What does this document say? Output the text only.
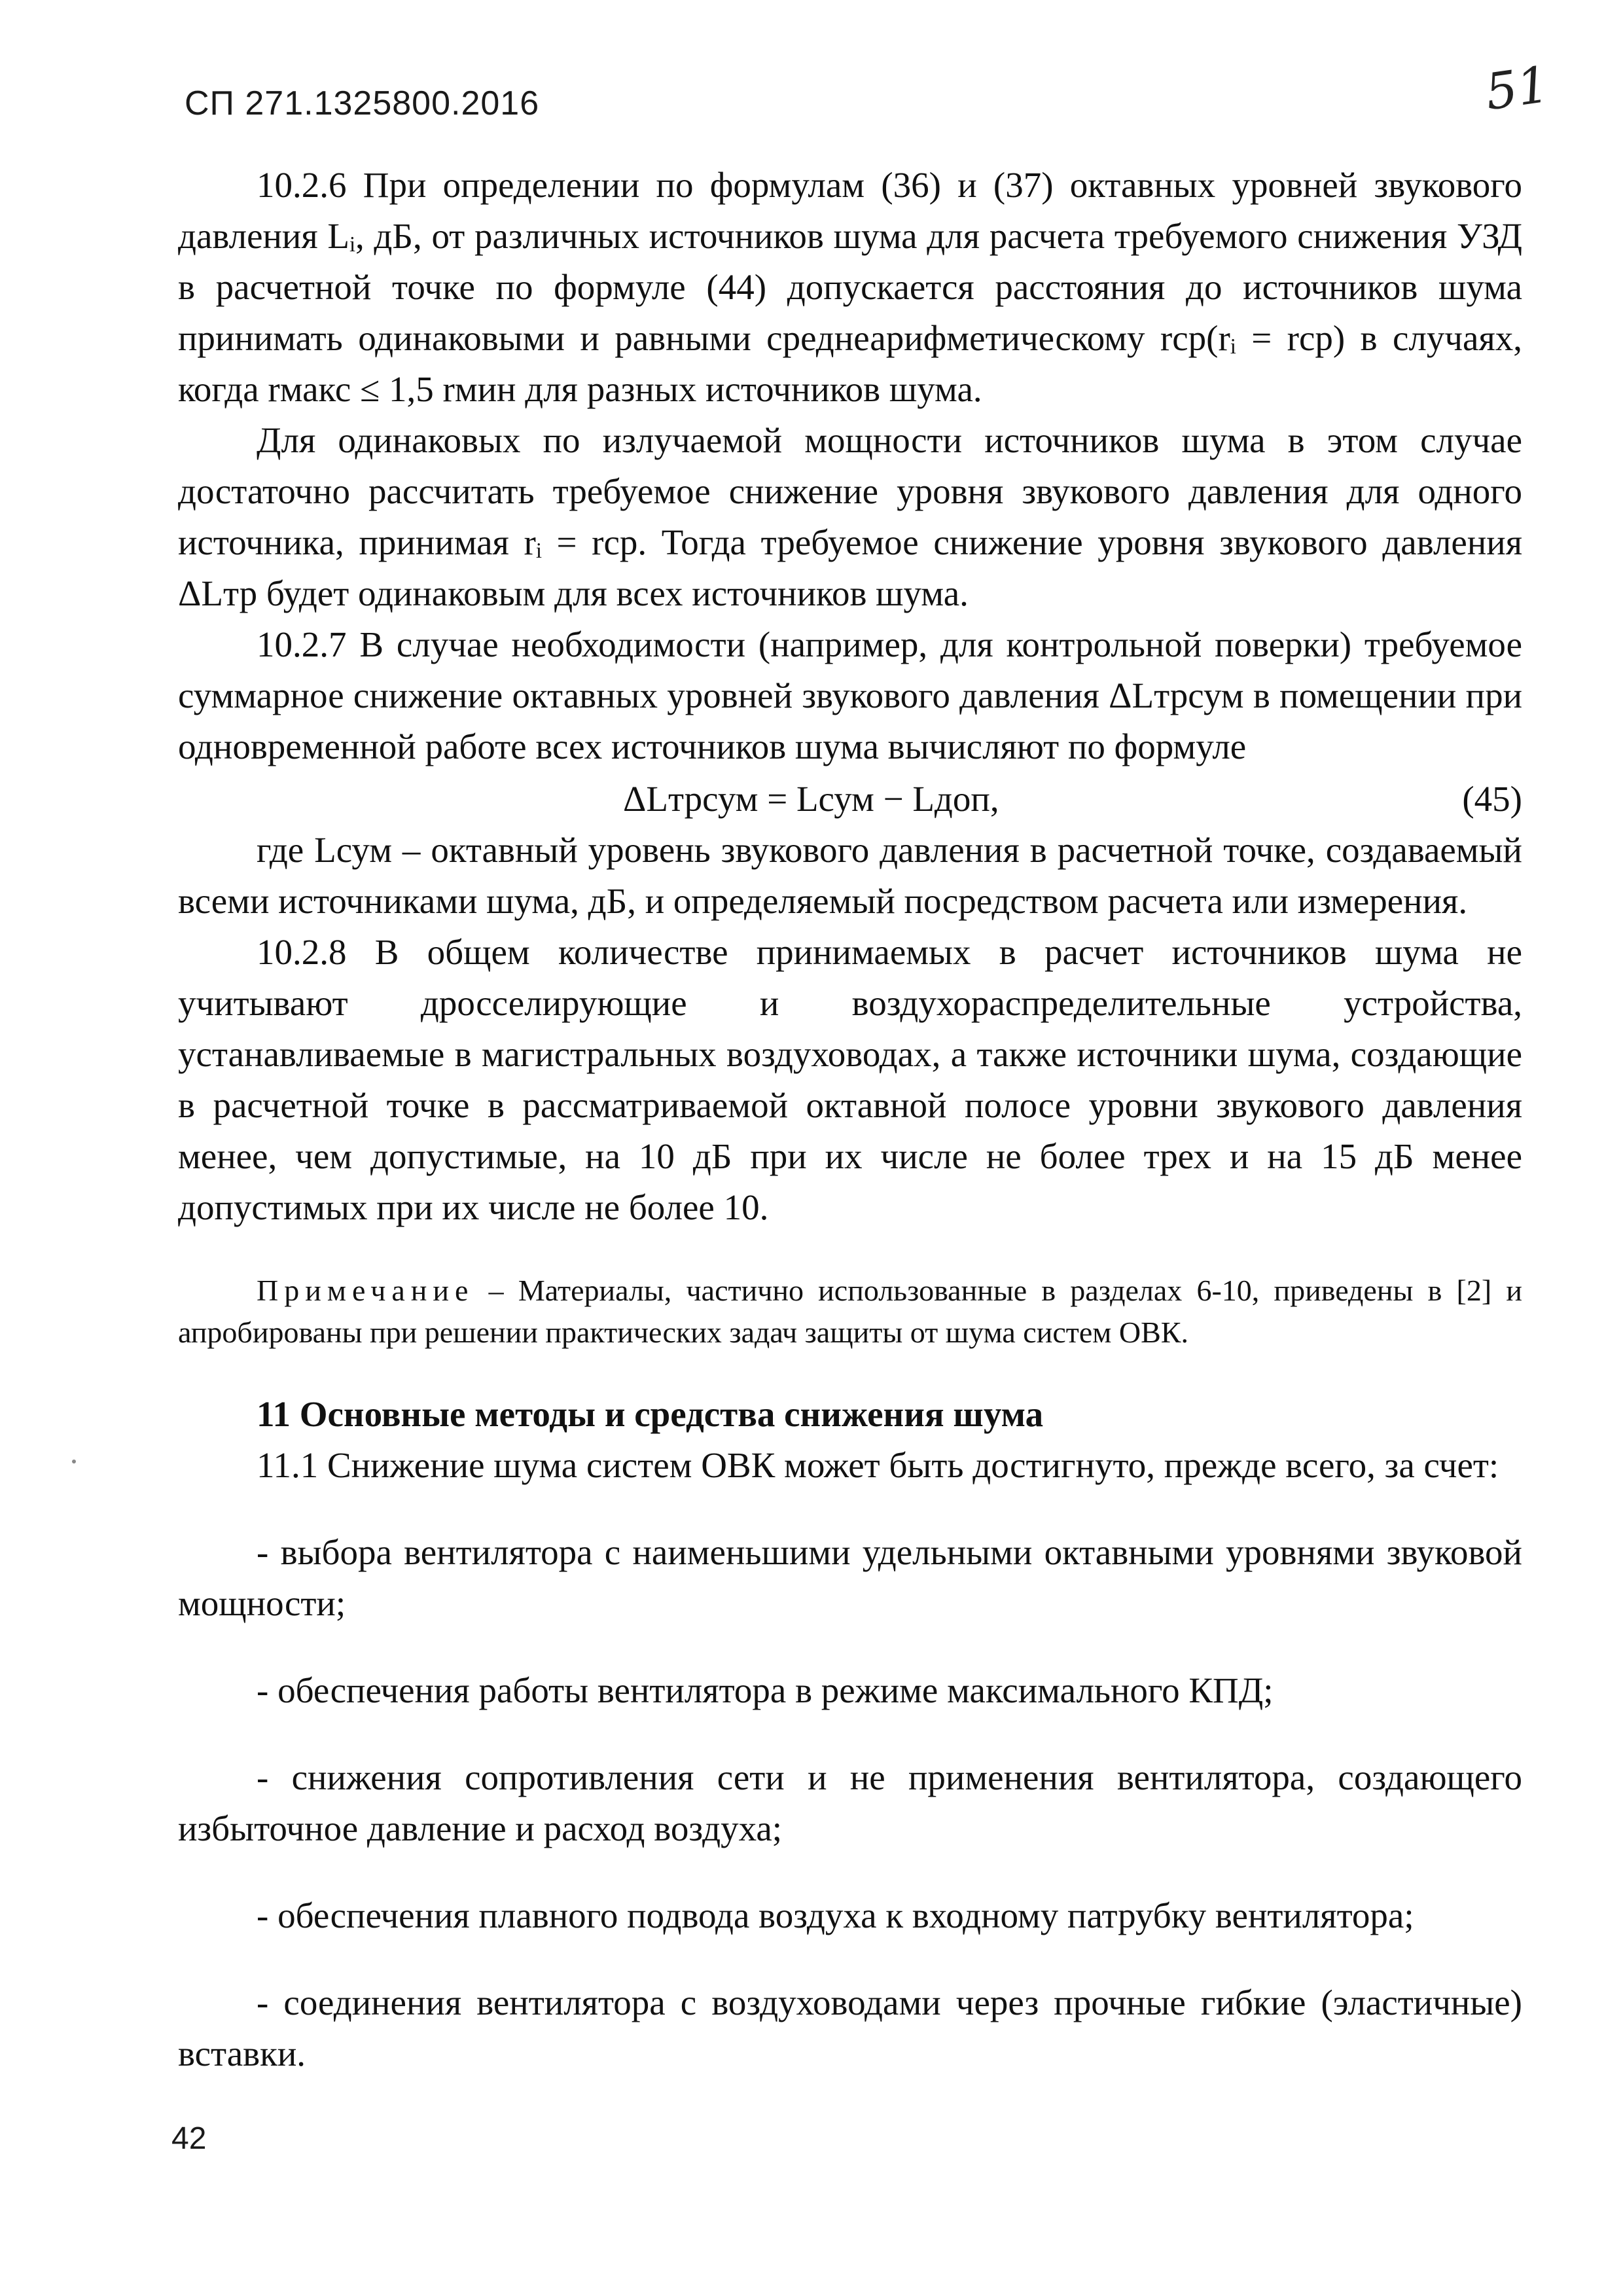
СП 271.1325800.2016	51

10.2.6 При определении по формулам (36) и (37) октавных уровней звукового давления Lᵢ, дБ, от различных источников шума для расчета требуемого снижения УЗД в расчетной точке по формуле (44) допускается расстояния до источников шума принимать одинаковыми и равными среднеарифметическому rср(rᵢ = rср) в случаях, когда rмакс ≤ 1,5 rмин для разных источников шума.

Для одинаковых по излучаемой мощности источников шума в этом случае достаточно рассчитать требуемое снижение уровня звукового давления для одного источника, принимая rᵢ = rср. Тогда требуемое снижение уровня звукового давления ΔLтр будет одинаковым для всех источников шума.

10.2.7 В случае необходимости (например, для контрольной поверки) требуемое суммарное снижение октавных уровней звукового давления ΔLтрсум в помещении при одновременной работе всех источников шума вычисляют по формуле

ΔLтрсум = Lсум − Lдоп,	(45)

где Lсум – октавный уровень звукового давления в расчетной точке, создаваемый всеми источниками шума, дБ, и определяемый посредством расчета или измерения.

10.2.8 В общем количестве принимаемых в расчет источников шума не учитывают дросселирующие и воздухораспределительные устройства, устанавливаемые в магистральных воздуховодах, а также источники шума, создающие в расчетной точке в рассматриваемой октавной полосе уровни звукового давления менее, чем допустимые, на 10 дБ при их числе не более трех и на 15 дБ менее допустимых при их числе не более 10.

Примечание – Материалы, частично использованные в разделах 6-10, приведены в [2] и апробированы при решении практических задач защиты от шума систем ОВК.

11 Основные методы и средства снижения шума

11.1 Снижение шума систем ОВК может быть достигнуто, прежде всего, за счет:

- выбора вентилятора с наименьшими удельными октавными уровнями звуковой мощности;

- обеспечения работы вентилятора в режиме максимального КПД;

- снижения сопротивления сети и не применения вентилятора, создающего избыточное давление и расход воздуха;

- обеспечения плавного подвода воздуха к входному патрубку вентилятора;

- соединения вентилятора с воздуховодами через прочные гибкие (эластичные) вставки.

42
